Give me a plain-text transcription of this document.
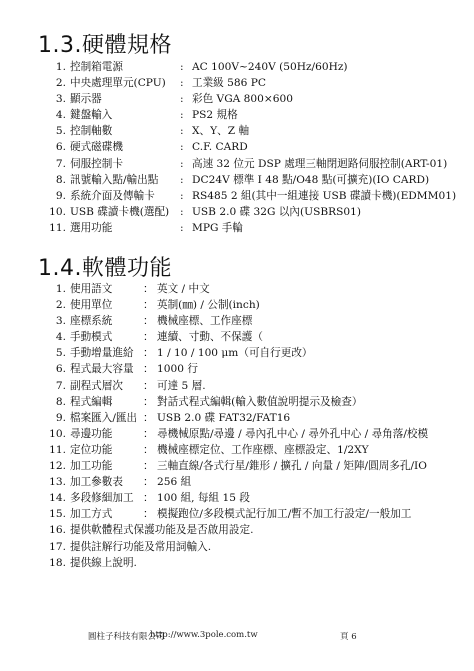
1.3.硬體規格
1. 控制箱電源	: AC 100V~240V (50Hz/60Hz)
2. 中央處理單元(CPU)	: 工業級 586 PC
3. 顯示器	: 彩色 VGA 800×600
4. 鍵盤輸入	: PS2 規格
5. 控制軸數	: X、Y、Z 軸
6. 硬式磁碟機	: C.F. CARD
7. 伺服控制卡	: 高速 32 位元 DSP 處理三軸閉迴路伺服控制(ART-01)
8. 訊號輸入點/輸出點	: DC24V 標準 I 48 點/O48 點(可擴充)(IO CARD)
9. 系統介面及傳輸卡	: RS485 2 組(其中一組連接 USB 碟讀卡機)(EDMM01)
10. USB 碟讀卡機(選配)	: USB 2.0 碟 32G 以內(USBRS01)
11. 選用功能	: MPG 手輪
1.4.軟體功能
1. 使用語文	： 英文 / 中文
2. 使用單位	： 英制(㎜) / 公制(inch)
3. 座標系統	： 機械座標、工作座標
4. 手動模式	： 連續、寸動、不保護（
5. 手動增量進給 ： 1 / 10 / 100 μm（可自行更改）
6. 程式最大容量 ： 1000 行
7. 副程式層次	： 可達 5 層.
8. 程式編輯	： 對話式程式編輯(輸入數值說明提示及檢查）
9. 檔案匯入/匯出 ： USB 2.0 碟 FAT32/FAT16
10. 尋邊功能	： 尋機械原點/尋邊 / 尋內孔中心 / 尋外孔中心 / 尋角落/校模
11. 定位功能	： 機械座標定位、工作座標、座標設定、1/2XY
12. 加工功能	： 三軸直線/各式行星/錐形 / 擴孔 / 向量 / 矩陣/圓周多孔/IO
13. 加工參數表	： 256 組
14. 多段修細加工 ： 100 組, 每組 15 段
15. 加工方式	： 模擬跑位/多段模式記行加工/暫不加工行設定/一般加工
16. 提供軟體程式保護功能及是否啟用設定.
17. 提供註解行功能及常用詞輸入.
18. 提供線上說明.
圓柱子科技有限公司
http://www.3pole.com.tw	頁 6
